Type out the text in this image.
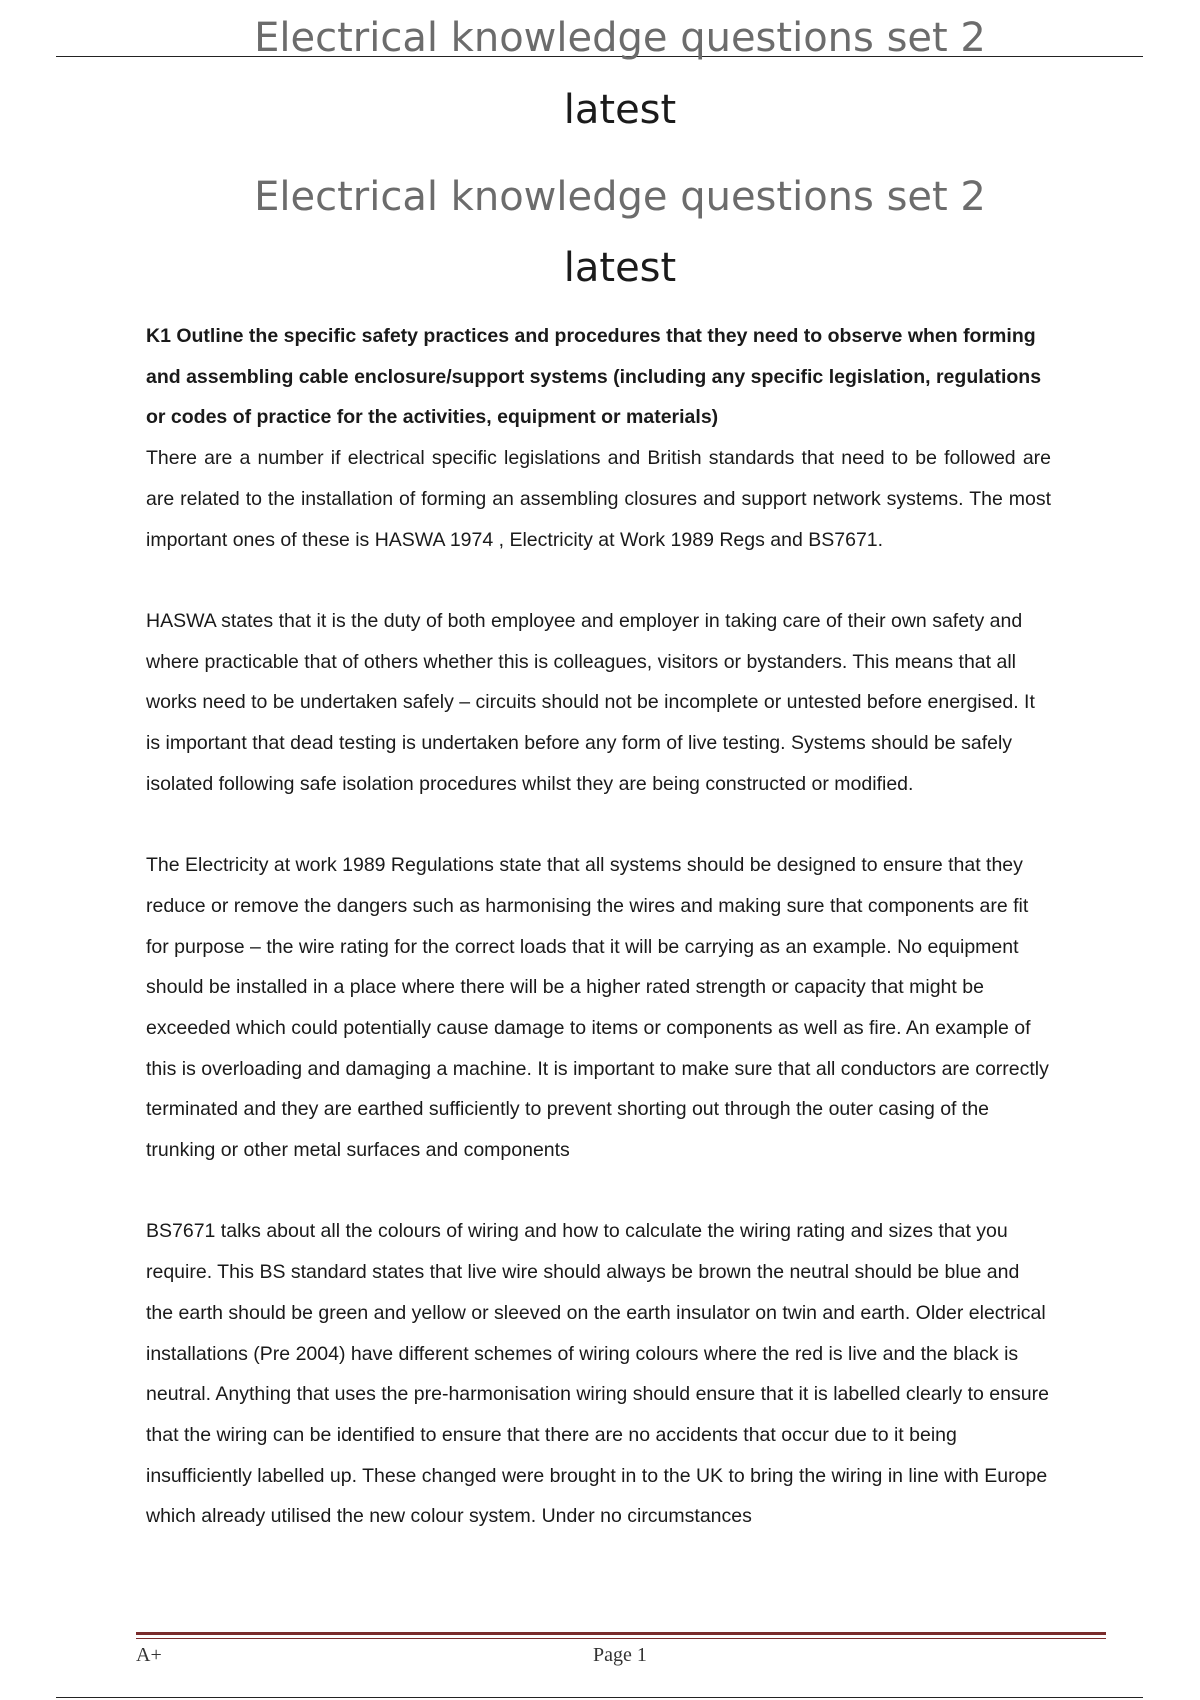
Electrical knowledge questions set 2
latest
Electrical knowledge questions set 2
latest

K1 Outline the specific safety practices and procedures that they need to observe when forming and assembling cable enclosure/support systems (including any specific legislation, regulations or codes of practice for the activities, equipment or materials)

There are a number if electrical specific legislations and British standards that need to be followed are are related to the installation of forming an assembling closures and support network systems. The most important ones of these is HASWA 1974 , Electricity at Work 1989 Regs and BS7671.

HASWA states that it is the duty of both employee and employer in taking care of their own safety and where practicable that of others whether this is colleagues, visitors or bystanders. This means that all works need to be undertaken safely – circuits should not be incomplete or untested before energised. It is important that dead testing is undertaken before any form of live testing. Systems should be safely isolated following safe isolation procedures whilst they are being constructed or modified.

The Electricity at work 1989 Regulations state that all systems should be designed to ensure that they reduce or remove the dangers such as harmonising the wires and making sure that components are fit for purpose – the wire rating for the correct loads that it will be carrying as an example. No equipment should be installed in a place where there will be a higher rated strength or capacity that might be exceeded which could potentially cause damage to items or components as well as fire. An example of this is overloading and damaging a machine. It is important to make sure that all conductors are correctly terminated and they are earthed sufficiently to prevent shorting out through the outer casing of the trunking or other metal surfaces and components

BS7671 talks about all the colours of wiring and how to calculate the wiring rating and sizes that you require. This BS standard states that live wire should always be brown the neutral should be blue and the earth should be green and yellow or sleeved on the earth insulator on twin and earth. Older electrical installations (Pre 2004) have different schemes of wiring colours where the red is live and the black is neutral. Anything that uses the pre-harmonisation wiring should ensure that it is labelled clearly to ensure that the wiring can be identified to ensure that there are no accidents that occur due to it being insufficiently labelled up. These changed were brought in to the UK to bring the wiring in line with Europe which already utilised the new colour system. Under no circumstances

A+	Page 1
